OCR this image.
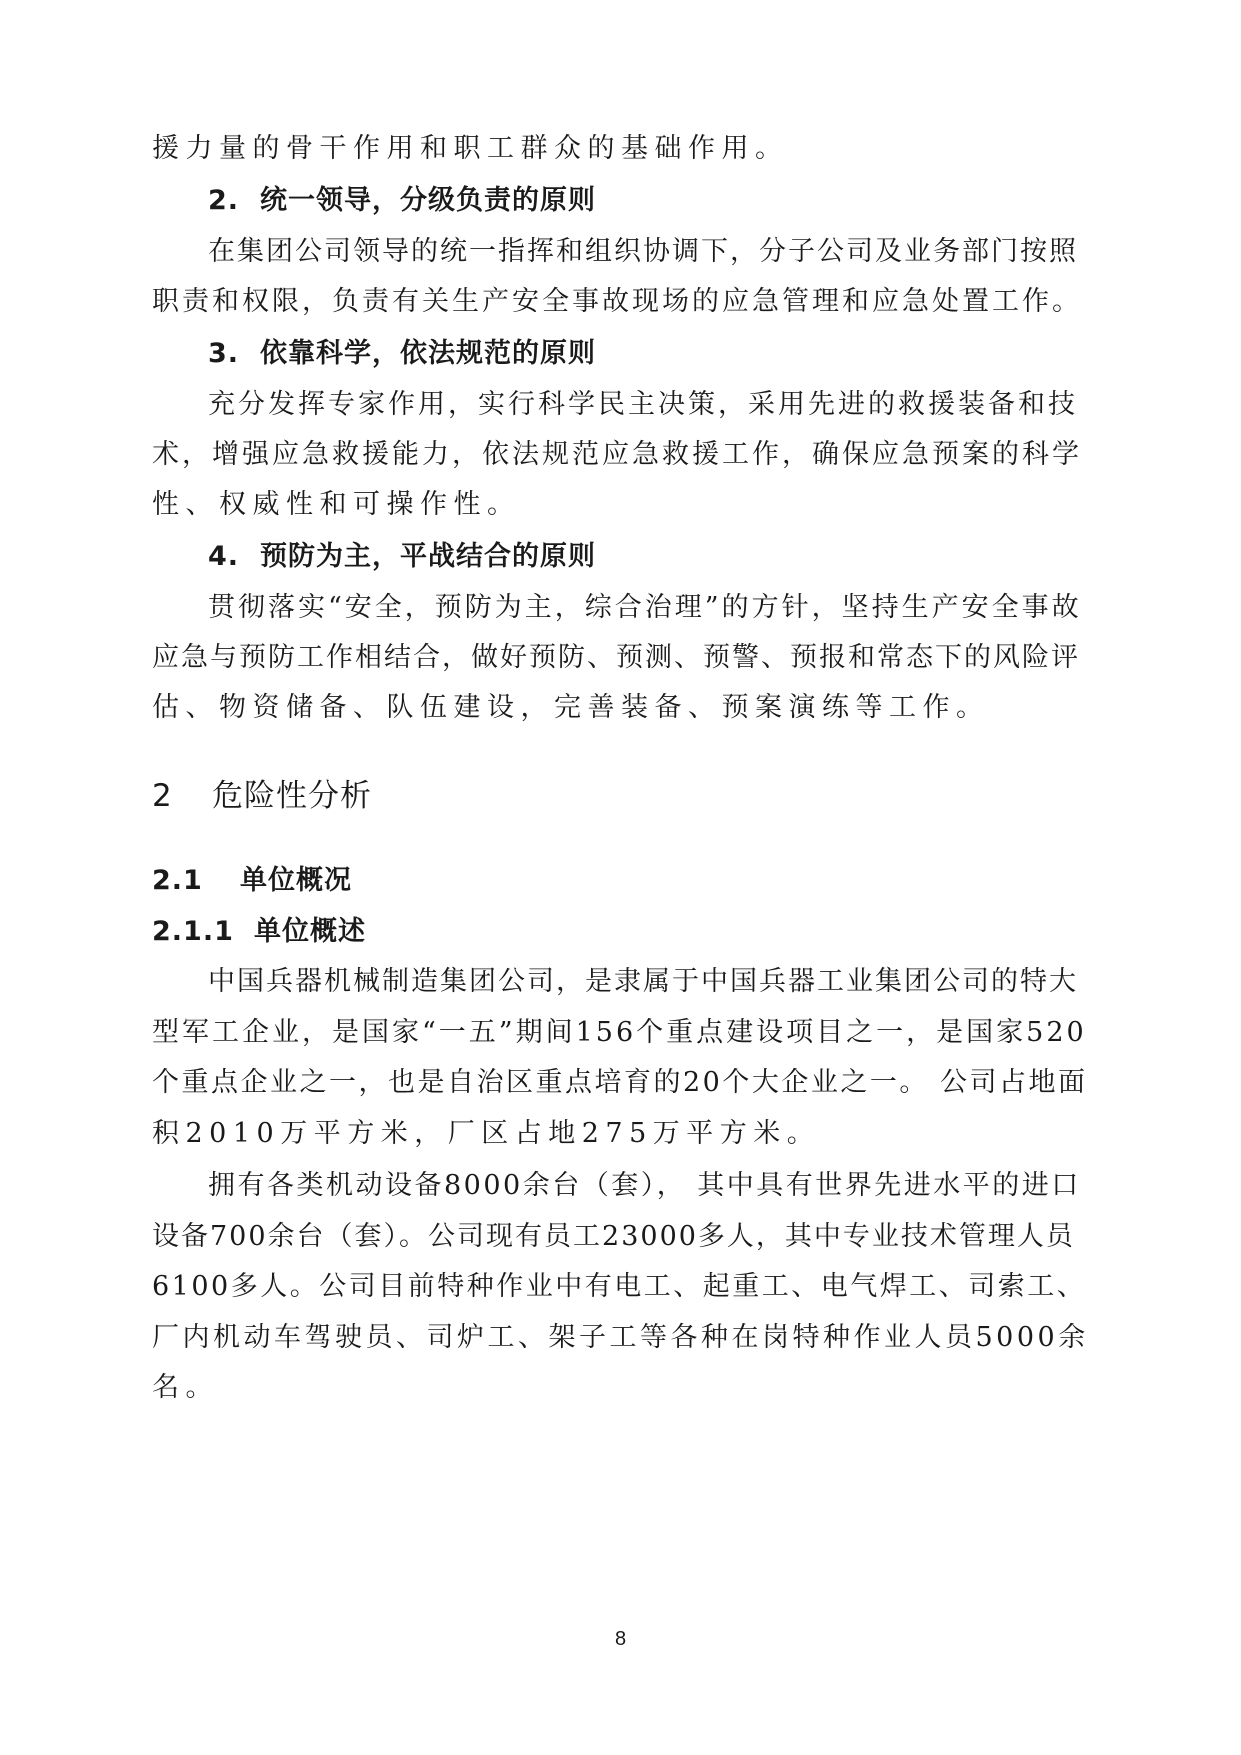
援力量的骨干作用和职工群众的基础作用。
2. 统一领导，分级负责的原则
在集团公司领导的统一指挥和组织协调下，分子公司及业务部门按照
职责和权限，负责有关生产安全事故现场的应急管理和应急处置工作。
3. 依靠科学，依法规范的原则
充分发挥专家作用，实行科学民主决策，采用先进的救援装备和技
术，增强应急救援能力，依法规范应急救援工作，确保应急预案的科学
性、权威性和可操作性。
4. 预防为主，平战结合的原则
贯彻落实“安全，预防为主，综合治理”的方针，坚持生产安全事故
应急与预防工作相结合，做好预防、预测、预警、预报和常态下的风险评
估、物资储备、队伍建设，完善装备、预案演练等工作。
2 危险性分析
2.1 单位概况
2.1.1 单位概述
中国兵器机械制造集团公司，是隶属于中国兵器工业集团公司的特大
型军工企业，是国家“一五”期间156个重点建设项目之一，是国家520
个重点企业之一，也是自治区重点培育的20个大企业之一。 公司占地面
积2010万平方米，厂区占地275万平方米。
拥有各类机动设备8000余台（套）， 其中具有世界先进水平的进口
设备700余台（套）。公司现有员工23000多人，其中专业技术管理人员
6100多人。公司目前特种作业中有电工、起重工、电气焊工、司索工、
厂内机动车驾驶员、司炉工、架子工等各种在岗特种作业人员5000余
名。
8
